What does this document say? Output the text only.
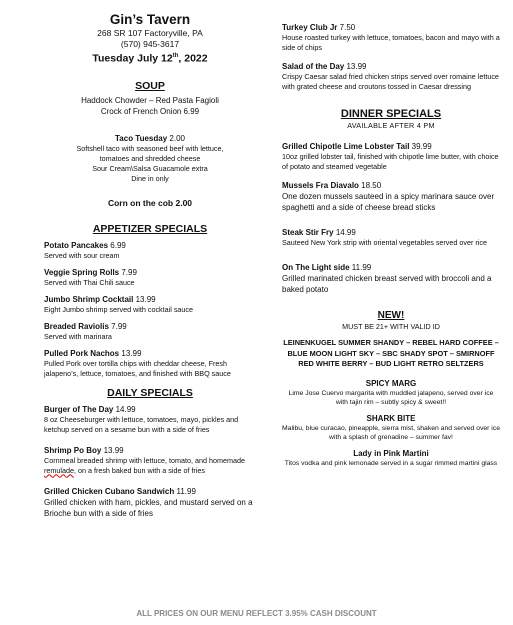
Gin’s Tavern
268 SR 107 Factoryville, PA
(570) 945-3617
Tuesday July 12th, 2022
SOUP
Haddock Chowder – Red Pasta Fagioli
Crock of French Onion 6.99
Taco Tuesday 2.00
Softshell taco with seasoned beef with lettuce,
tomatoes and shredded cheese
Sour Cream\Salsa Guacamole extra
Dine in only
Corn on the cob 2.00
APPETIZER SPECIALS
Potato Pancakes 6.99
Served with sour cream
Veggie Spring Rolls 7.99
Served with Thai Chili sauce
Jumbo Shrimp Cocktail 13.99
Eight Jumbo shrimp served with cocktail sauce
Breaded Raviolis 7.99
Served with marinara
Pulled Pork Nachos 13.99
Pulled Pork over tortilla chips with cheddar cheese, Fresh jalapeno’s, lettuce, tomatoes, and finished with BBQ sauce
DAILY SPECIALS
Burger of The Day 14.99
8 oz Cheeseburger with lettuce, tomatoes, mayo, pickles and ketchup served on a sesame bun with a side of fries
Shrimp Po Boy 13.99
Cornmeal breaded shrimp with lettuce, tomato, and homemade remulade, on a fresh baked bun with a side of fries
Grilled Chicken Cubano Sandwich 11.99
Grilled chicken with ham, pickles, and mustard served on a Brioche bun with a side of fries
Turkey Club Jr 7.50
House roasted turkey with lettuce, tomatoes, bacon and mayo with a side of chips
Salad of the Day 13.99
Crispy Caesar salad fried chicken strips served over romaine lettuce with grated cheese and croutons tossed in Caesar dressing
DINNER SPECIALS
AVAILABLE AFTER 4 PM
Grilled Chipotle Lime Lobster Tail 39.99
10oz grilled lobster tail, finished with chipotle lime butter, with choice of potato and steamed vegetable
Mussels Fra Diavalo 18.50
One dozen mussels sauteed in a spicy marinara sauce over spaghetti and a side of cheese bread sticks
Steak Stir Fry 14.99
Sauteed New York strip with oriental vegetables served over rice
On The Light side 11.99
Grilled marinated chicken breast served with broccoli and a baked potato
NEW!
MUST BE 21+ WITH VALID ID
LEINENKUGEL SUMMER SHANDY – REBEL HARD COFFEE – BLUE MOON LIGHT SKY – SBC SHADY SPOT – SMIRNOFF RED WHITE BERRY – BUD LIGHT RETRO SELTZERS
SPICY MARG
Lime Jose Cuervo margarita with muddled jalapeno, served over ice with tajin rim – subtly spicy & sweet!!
SHARK BITE
Malibu, blue curacao, pineapple, sierra mist, shaken and served over ice with a splash of grenadine – summer fav!
Lady in Pink Martini
Titos vodka and pink lemonade served in a sugar rimmed martini glass
ALL PRICES ON OUR MENU REFLECT 3.95% CASH DISCOUNT
